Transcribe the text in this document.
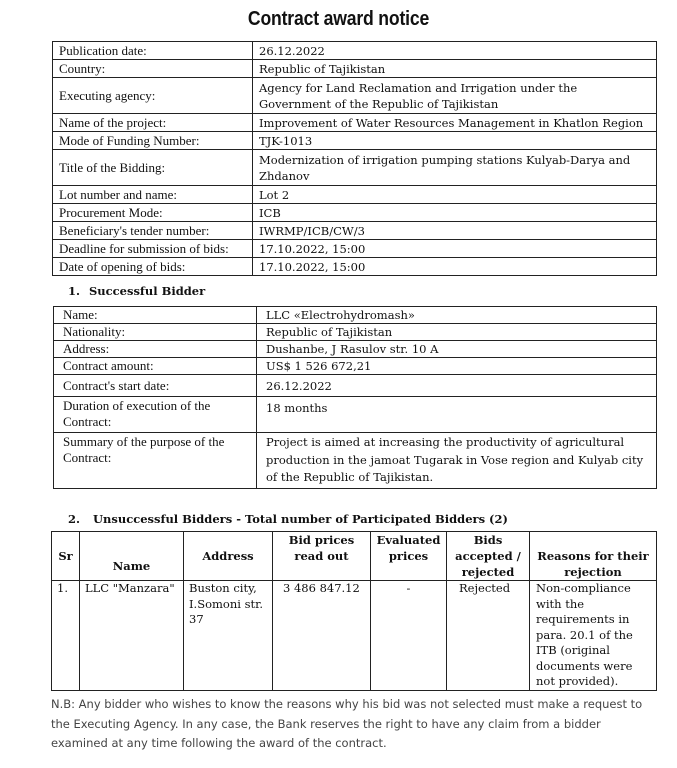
Contract award notice
Publication date:	26.12.2022
Country:	Republic of Tajikistan
Executing agency:	Agency for Land Reclamation and Irrigation under the Government of the Republic of Tajikistan
Name of the project:	Improvement of Water Resources Management in Khatlon Region
Mode of Funding Number:	TJK-1013
Title of the Bidding:	Modernization of irrigation pumping stations Kulyab-Darya and Zhdanov
Lot number and name:	Lot 2
Procurement Mode:	ICB
Beneficiary's tender number:	IWRMP/ICB/CW/3
Deadline for submission of bids:	17.10.2022, 15:00
Date of opening of bids:	17.10.2022, 15:00
1. Successful Bidder
Name:	LLC «Electrohydromash»
Nationality:	Republic of Tajikistan
Address:	Dushanbe, J Rasulov str. 10 A
Contract amount:	US$ 1 526 672,21
Contract's start date:	26.12.2022
Duration of execution of the Contract:	18 months
Summary of the purpose of the Contract:	Project is aimed at increasing the productivity of agricultural production in the jamoat Tugarak in Vose region and Kulyab city of the Republic of Tajikistan.
2. Unsuccessful Bidders - Total number of Participated Bidders (2)
Sr	Name	Address	Bid prices read out	Evaluated prices	Bids accepted / rejected	Reasons for their rejection
1.	LLC "Manzara"	Buston city, I.Somoni str. 37	3 486 847.12	-	Rejected	Non-compliance with the requirements in para. 20.1 of the ITB (original documents were not provided).
N.B: Any bidder who wishes to know the reasons why his bid was not selected must make a request to the Executing Agency. In any case, the Bank reserves the right to have any claim from a bidder examined at any time following the award of the contract.
